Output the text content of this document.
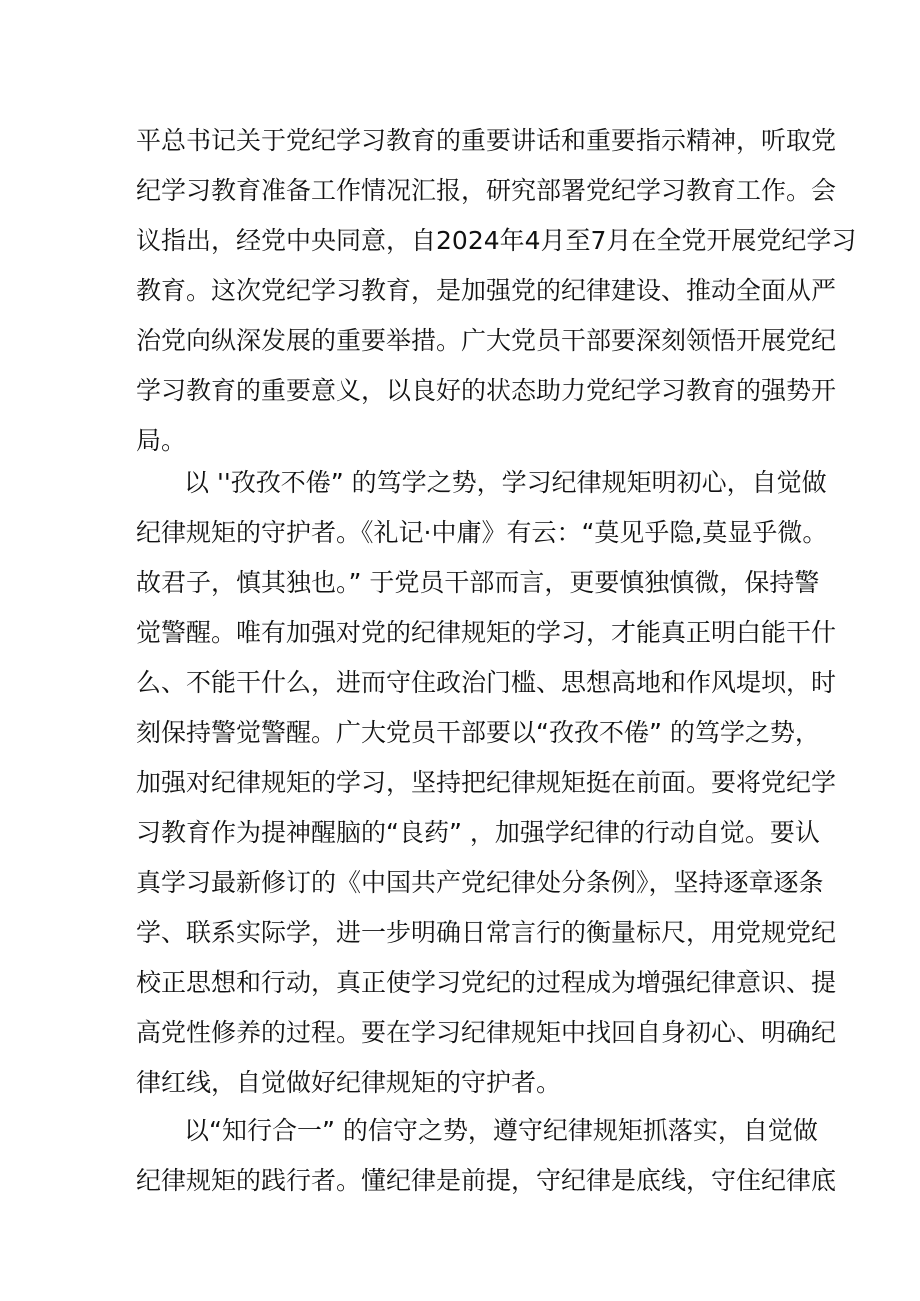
平总书记关于党纪学习教育的重要讲话和重要指示精神，听取党
纪学习教育准备工作情况汇报，研究部署党纪学习教育工作。会
议指出，经党中央同意，自2024年4月至7月在全党开展党纪学习
教育。这次党纪学习教育，是加强党的纪律建设、推动全面从严
治党向纵深发展的重要举措。广大党员干部要深刻领悟开展党纪
学习教育的重要意义，以良好的状态助力党纪学习教育的强势开
局。
以 ''孜孜不倦” 的笃学之势，学习纪律规矩明初心，自觉做
纪律规矩的守护者。《礼记·中庸》有云：“莫见乎隐,莫显乎微。
故君子，慎其独也。” 于党员干部而言，更要慎独慎微，保持警
觉警醒。唯有加强对党的纪律规矩的学习，才能真正明白能干什
么、不能干什么，进而守住政治门槛、思想高地和作风堤坝，时
刻保持警觉警醒。广大党员干部要以“孜孜不倦” 的笃学之势，
加强对纪律规矩的学习，坚持把纪律规矩挺在前面。要将党纪学
习教育作为提神醒脑的“良药” ，加强学纪律的行动自觉。要认
真学习最新修订的《中国共产党纪律处分条例》，坚持逐章逐条
学、联系实际学，进一步明确日常言行的衡量标尺，用党规党纪
校正思想和行动，真正使学习党纪的过程成为增强纪律意识、提
高党性修养的过程。要在学习纪律规矩中找回自身初心、明确纪
律红线，自觉做好纪律规矩的守护者。
以“知行合一” 的信守之势，遵守纪律规矩抓落实，自觉做
纪律规矩的践行者。懂纪律是前提，守纪律是底线，守住纪律底
